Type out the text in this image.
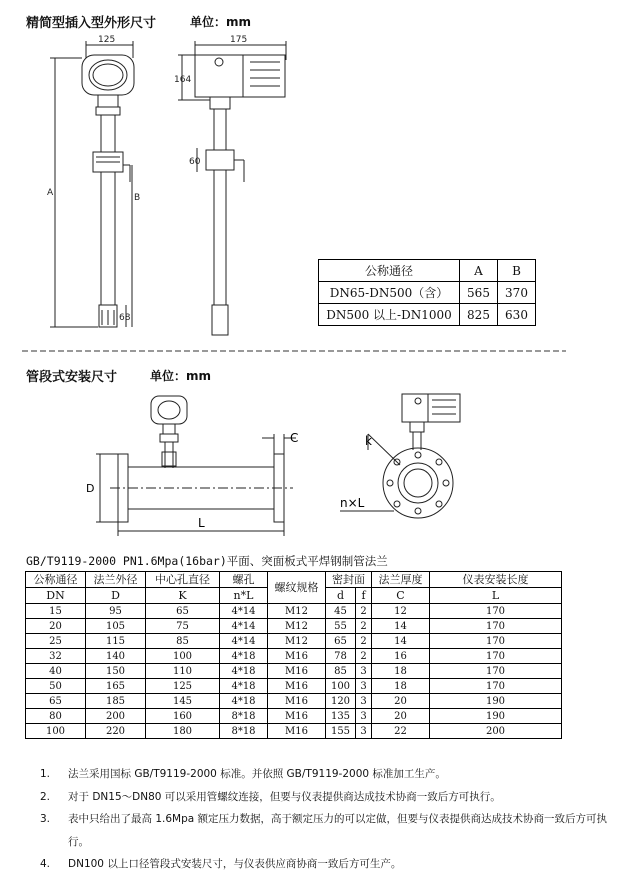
精简型插入型外形尺寸	单位：mm
管段式安装尺寸	单位：mm
125	175
164
60
A	B
68
C
D
L
k
n×L
公称通径	A	B
DN65-DN500（含）	565	370
DN500 以上-DN1000	825	630
GB/T9119-2000 PN1.6Mpa(16bar)平面、突面板式平焊钢制管法兰
公称通径	法兰外径	中心孔直径	螺孔	螺纹规格	密封面		法兰厚度	仪表安装长度
DN	D	K	n*L		d	f	C	L
15	95	65	4*14	M12	45	2	12	170
20	105	75	4*14	M12	55	2	14	170
25	115	85	4*14	M12	65	2	14	170
32	140	100	4*18	M16	78	2	16	170
40	150	110	4*18	M16	85	3	18	170
50	165	125	4*18	M16	100	3	18	170
65	185	145	4*18	M16	120	3	20	190
80	200	160	8*18	M16	135	3	20	190
100	220	180	8*18	M16	155	3	22	200
1.	法兰采用国标 GB/T9119-2000 标准。并依照 GB/T9119-2000 标准加工生产。
2.	对于 DN15～DN80 可以采用管螺纹连接，但要与仪表提供商达成技术协商一致后方可执行。
3.	表中只给出了最高 1.6Mpa 额定压力数据，高于额定压力的可以定做，但要与仪表提供商达成技术协商一致后方可执行。
4.	DN100 以上口径管段式安装尺寸，与仪表供应商协商一致后方可生产。
